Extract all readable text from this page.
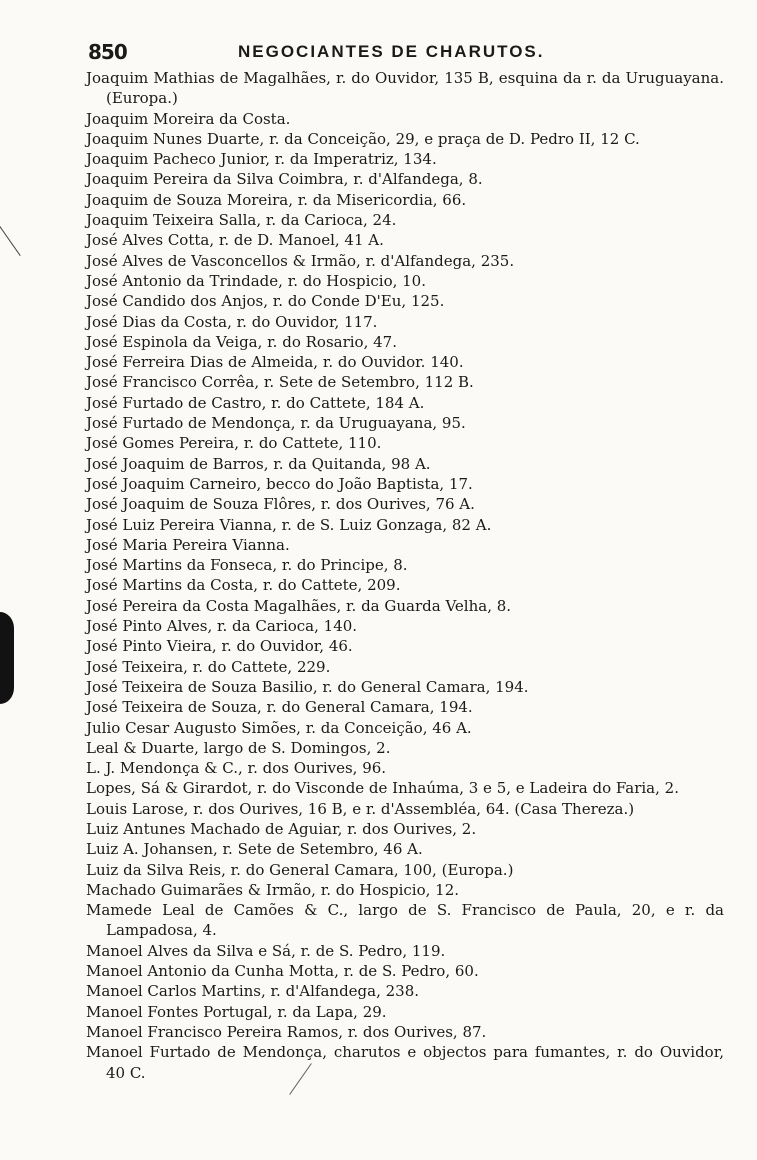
850	NEGOCIANTES DE CHARUTOS.
Joaquim Mathias de Magalhães, r. do Ouvidor, 135 B, esquina da r. da Uruguayana. (Europa.)
Joaquim Moreira da Costa.
Joaquim Nunes Duarte, r. da Conceição, 29, e praça de D. Pedro II, 12 C.
Joaquim Pacheco Junior, r. da Imperatriz, 134.
Joaquim Pereira da Silva Coimbra, r. d'Alfandega, 8.
Joaquim de Souza Moreira, r. da Misericordia, 66.
Joaquim Teixeira Salla, r. da Carioca, 24.
José Alves Cotta, r. de D. Manoel, 41 A.
José Alves de Vasconcellos & Irmão, r. d'Alfandega, 235.
José Antonio da Trindade, r. do Hospicio, 10.
José Candido dos Anjos, r. do Conde D'Eu, 125.
José Dias da Costa, r. do Ouvidor, 117.
José Espinola da Veiga, r. do Rosario, 47.
José Ferreira Dias de Almeida, r. do Ouvidor. 140.
José Francisco Corrêa, r. Sete de Setembro, 112 B.
José Furtado de Castro, r. do Cattete, 184 A.
José Furtado de Mendonça, r. da Uruguayana, 95.
José Gomes Pereira, r. do Cattete, 110.
José Joaquim de Barros, r. da Quitanda, 98 A.
José Joaquim Carneiro, becco do João Baptista, 17.
José Joaquim de Souza Flôres, r. dos Ourives, 76 A.
José Luiz Pereira Vianna, r. de S. Luiz Gonzaga, 82 A.
José Maria Pereira Vianna.
José Martins da Fonseca, r. do Principe, 8.
José Martins da Costa, r. do Cattete, 209.
José Pereira da Costa Magalhães, r. da Guarda Velha, 8.
José Pinto Alves, r. da Carioca, 140.
José Pinto Vieira, r. do Ouvidor, 46.
José Teixeira, r. do Cattete, 229.
José Teixeira de Souza Basilio, r. do General Camara, 194.
José Teixeira de Souza, r. do General Camara, 194.
Julio Cesar Augusto Simões, r. da Conceição, 46 A.
Leal & Duarte, largo de S. Domingos, 2.
L. J. Mendonça & C., r. dos Ourives, 96.
Lopes, Sá & Girardot, r. do Visconde de Inhaúma, 3 e 5, e Ladeira do Faria, 2.
Louis Larose, r. dos Ourives, 16 B, e r. d'Assembléa, 64. (Casa Thereza.)
Luiz Antunes Machado de Aguiar, r. dos Ourives, 2.
Luiz A. Johansen, r. Sete de Setembro, 46 A.
Luiz da Silva Reis, r. do General Camara, 100, (Europa.)
Machado Guimarães & Irmão, r. do Hospicio, 12.
Mamede Leal de Camões & C., largo de S. Francisco de Paula, 20, e r. da Lampadosa, 4.
Manoel Alves da Silva e Sá, r. de S. Pedro, 119.
Manoel Antonio da Cunha Motta, r. de S. Pedro, 60.
Manoel Carlos Martins, r. d'Alfandega, 238.
Manoel Fontes Portugal, r. da Lapa, 29.
Manoel Francisco Pereira Ramos, r. dos Ourives, 87.
Manoel Furtado de Mendonça, charutos e objectos para fumantes, r. do Ouvidor, 40 C.
